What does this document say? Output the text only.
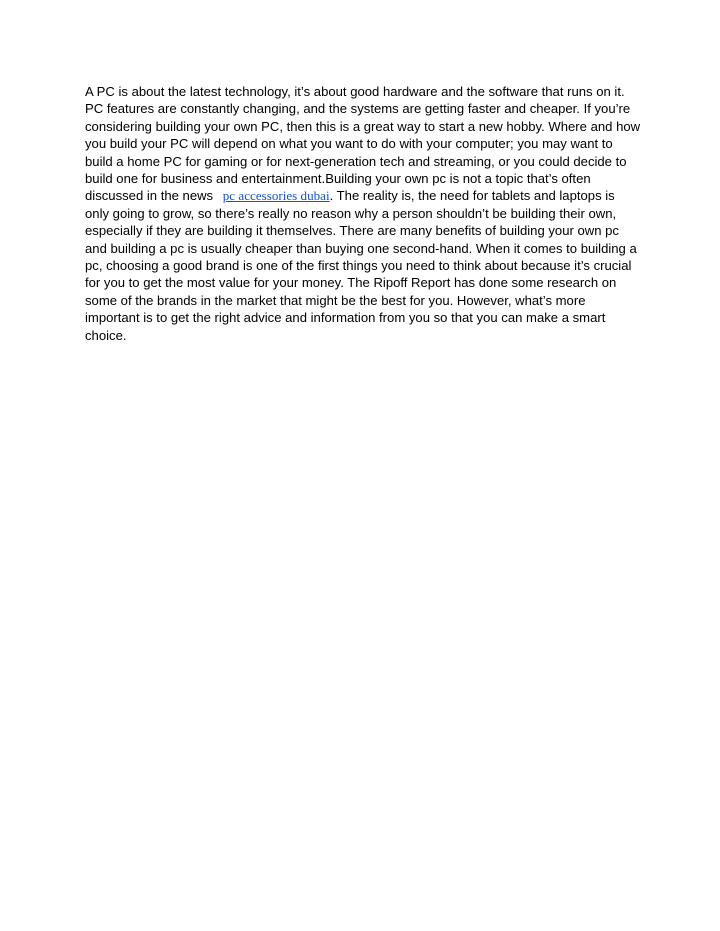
A PC is about the latest technology, it’s about good hardware and the software that runs on it. PC features are constantly changing, and the systems are getting faster and cheaper. If you’re considering building your own PC, then this is a great way to start a new hobby. Where and how you build your PC will depend on what you want to do with your computer; you may want to build a home PC for gaming or for next-generation tech and streaming, or you could decide to build one for business and entertainment.Building your own pc is not a topic that’s often discussed in the news pc accessories dubai. The reality is, the need for tablets and laptops is only going to grow, so there’s really no reason why a person shouldn’t be building their own, especially if they are building it themselves. There are many benefits of building your own pc and building a pc is usually cheaper than buying one second-hand. When it comes to building a pc, choosing a good brand is one of the first things you need to think about because it’s crucial for you to get the most value for your money. The Ripoff Report has done some research on some of the brands in the market that might be the best for you. However, what’s more important is to get the right advice and information from you so that you can make a smart choice.
